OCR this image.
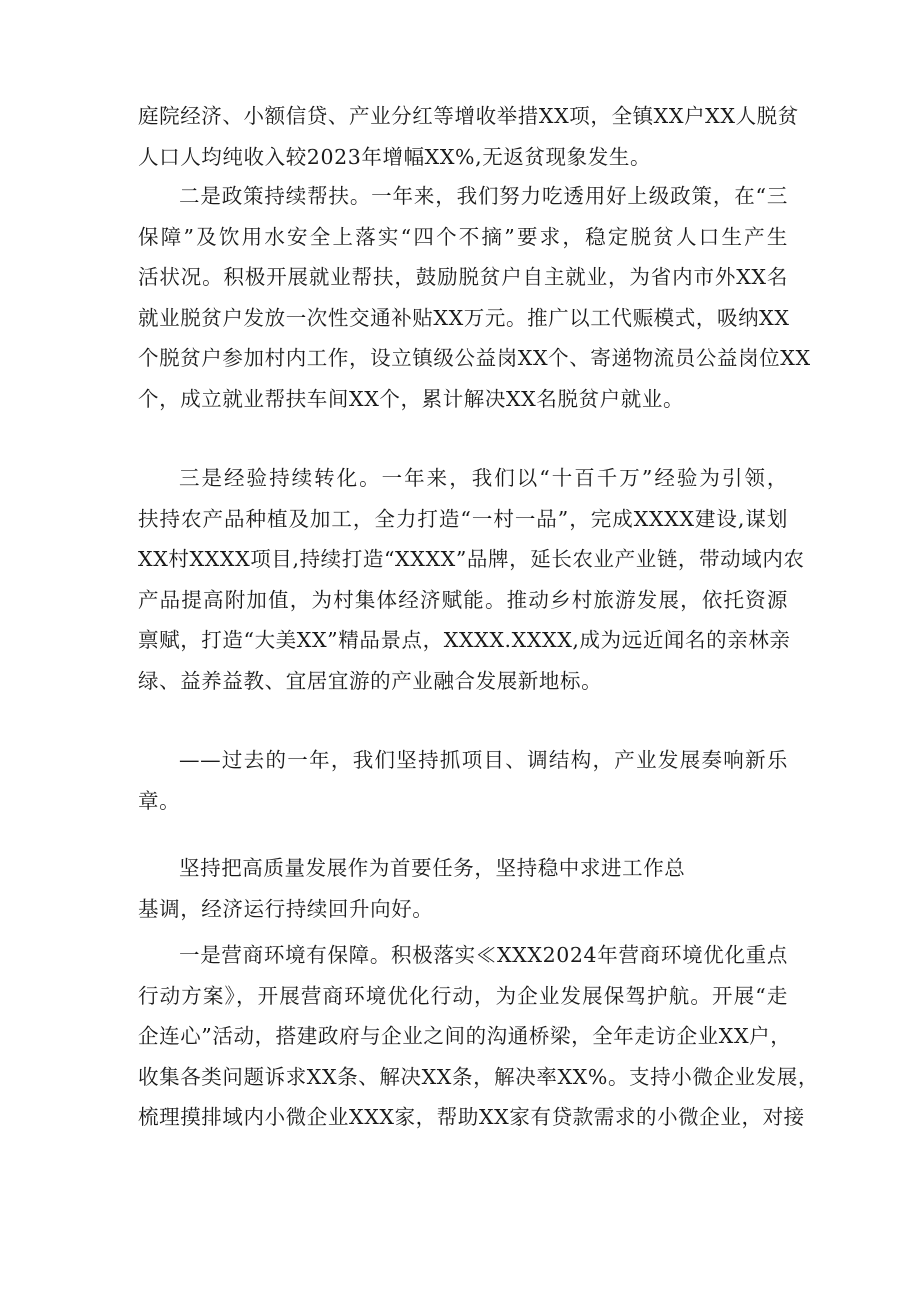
庭院经济、小额信贷、产业分红等增收举措XX项，全镇XX户XX人脱贫
人口人均纯收入较2023年增幅XX%,无返贫现象发生。

二是政策持续帮扶。一年来，我们努力吃透用好上级政策，在“三
保障”及饮用水安全上落实“四个不摘”要求，稳定脱贫人口生产生
活状况。积极开展就业帮扶，鼓励脱贫户自主就业，为省内市外XX名
就业脱贫户发放一次性交通补贴XX万元。推广以工代赈模式，吸纳XX
个脱贫户参加村内工作，设立镇级公益岗XX个、寄递物流员公益岗位XX
个，成立就业帮扶车间XX个，累计解决XX名脱贫户就业。

三是经验持续转化。一年来，我们以“十百千万”经验为引领，
扶持农产品种植及加工，全力打造“一村一品”，完成XXXX建设,谋划
XX村XXXX项目,持续打造“XXXX”品牌，延长农业产业链，带动域内农
产品提高附加值，为村集体经济赋能。推动乡村旅游发展，依托资源
禀赋，打造“大美XX”精品景点，XXXX.XXXX,成为远近闻名的亲林亲
绿、益养益教、宜居宜游的产业融合发展新地标。

——过去的一年，我们坚持抓项目、调结构，产业发展奏响新乐
章。

坚持把高质量发展作为首要任务，坚持稳中求进工作总
基调，经济运行持续回升向好。

一是营商环境有保障。积极落实≪XXX2024年营商环境优化重点
行动方案》，开展营商环境优化行动，为企业发展保驾护航。开展“走
企连心”活动，搭建政府与企业之间的沟通桥梁，全年走访企业XX户，
收集各类问题诉求XX条、解决XX条，解决率XX%。支持小微企业发展，
梳理摸排域内小微企业XXX家，帮助XX家有贷款需求的小微企业，对接
